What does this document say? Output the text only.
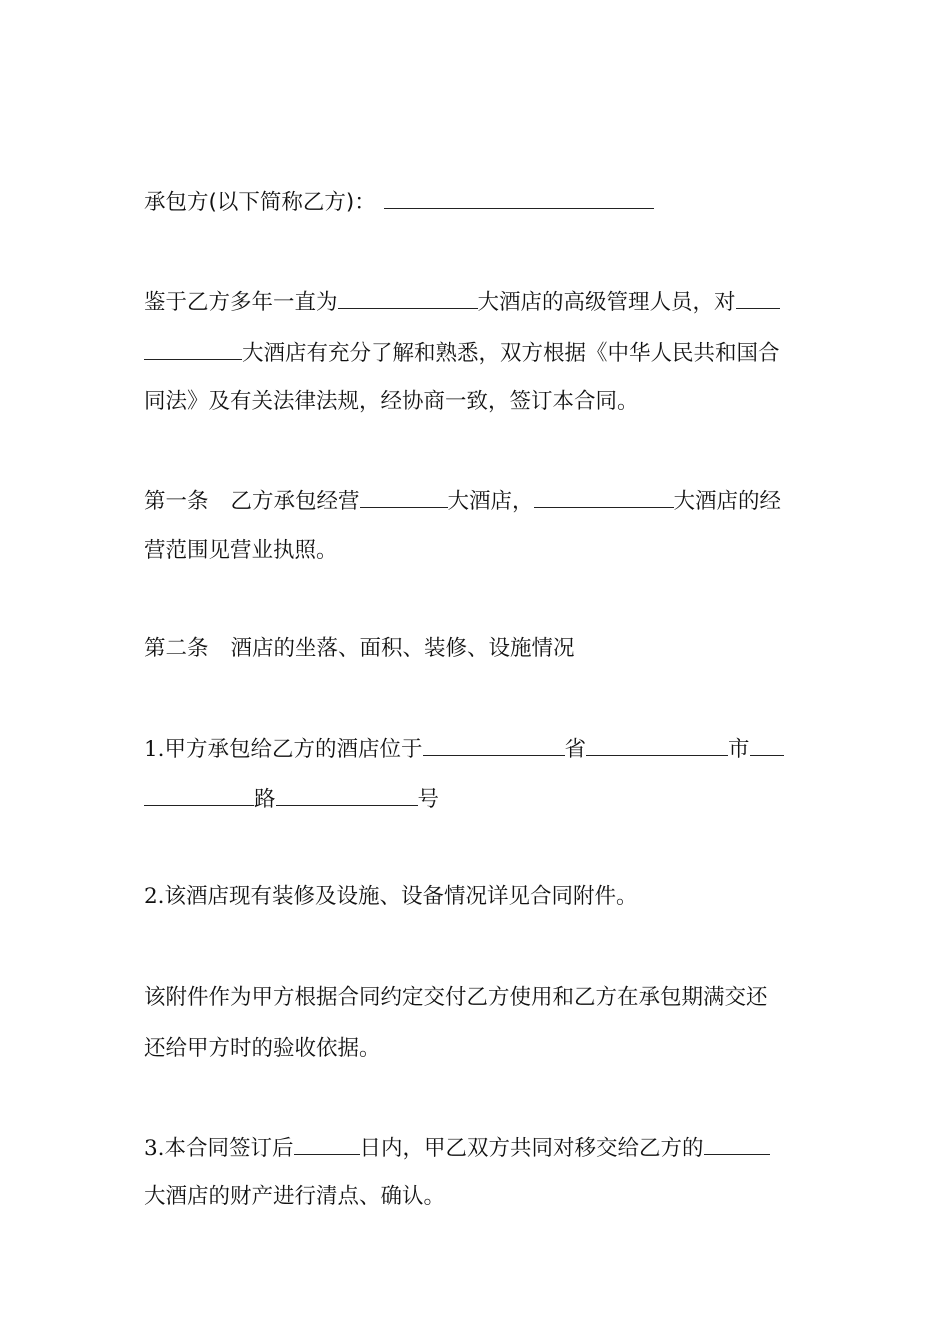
承包方(以下简称乙方)：
鉴于乙方多年一直为	大酒店的高级管理人员，对
大酒店有充分了解和熟悉，双方根据《中华人民共和国合
同法》及有关法律法规，经协商一致，签订本合同。
第一条 乙方承包经营	大酒店，	大酒店的经
营范围见营业执照。
第二条 酒店的坐落、面积、装修、设施情况
1.甲方承包给乙方的酒店位于	省	市
路	号
2.该酒店现有装修及设施、设备情况详见合同附件。
该附件作为甲方根据合同约定交付乙方使用和乙方在承包期满交还
还给甲方时的验收依据。
3.本合同签订后	日内，甲乙双方共同对移交给乙方的
大酒店的财产进行清点、确认。
